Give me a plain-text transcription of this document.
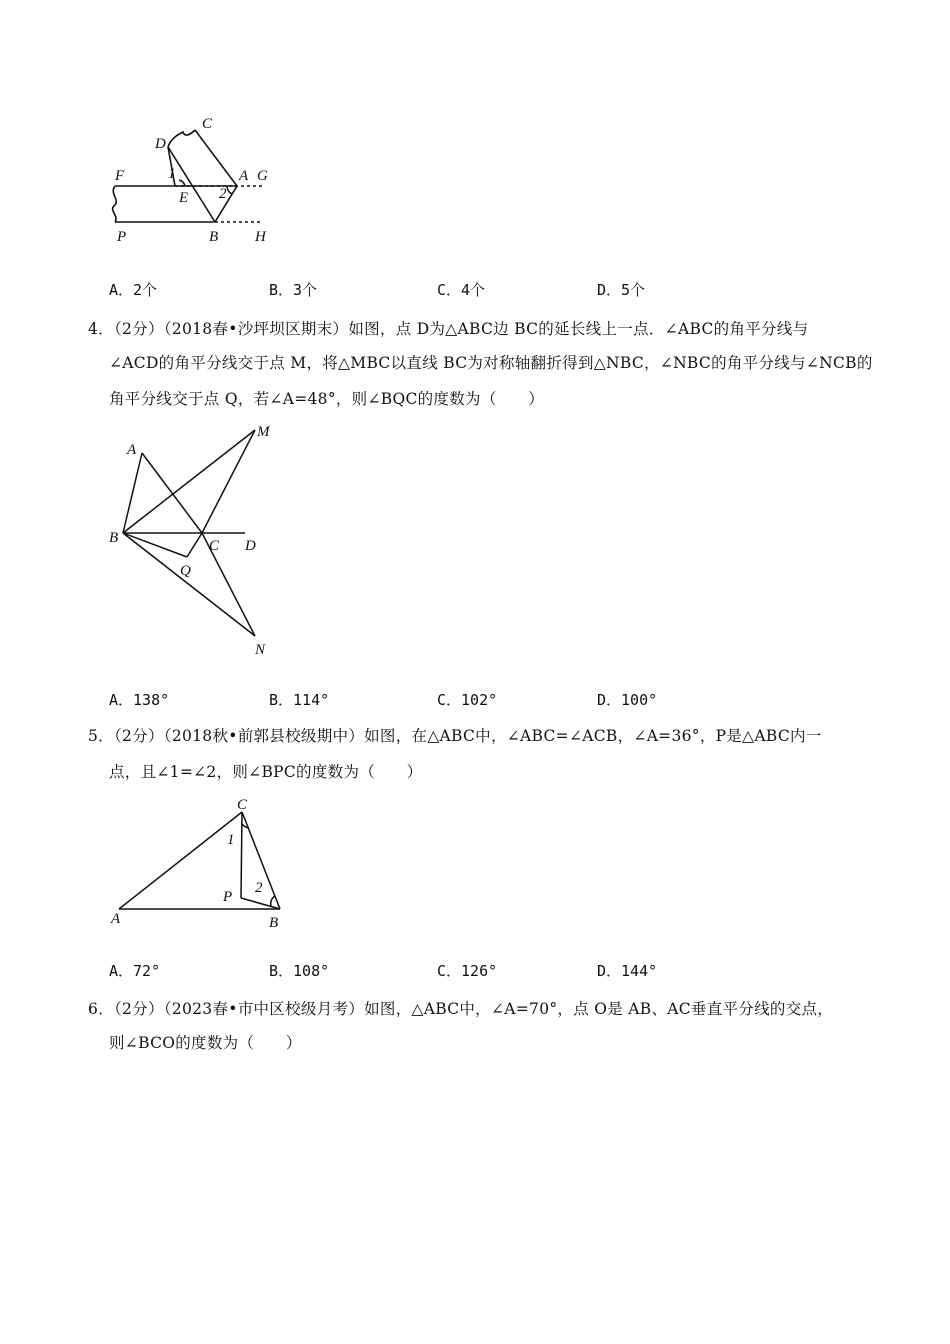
C
D
F	1	A G
E 2
P	B H
A．2个	B．3个	C．4个	D．5个
4．（2分）（2018春•沙坪坝区期末）如图，点 D为△ABC边 BC的延长线上一点．∠ABC的角平分线与
∠ACD的角平分线交于点 M，将△MBC以直线 BC为对称轴翻折得到△NBC，∠NBC的角平分线与∠NCB的
角平分线交于点 Q，若∠A=48°，则∠BQC的度数为（　　）
A
M
B	C D
Q
N
A．138°	B．114°	C．102°	D．100°
5．（2分）（2018秋•前郭县校级期中）如图，在△ABC中，∠ABC=∠ACB，∠A=36°，P是△ABC内一
点，且∠1=∠2，则∠BPC的度数为（　　）
C
1
P
2
A	B
A．72°	B．108°	C．126°	D．144°
6．（2分）（2023春•市中区校级月考）如图，△ABC中，∠A=70°，点 O是 AB、AC垂直平分线的交点，
则∠BCO的度数为（　　）
